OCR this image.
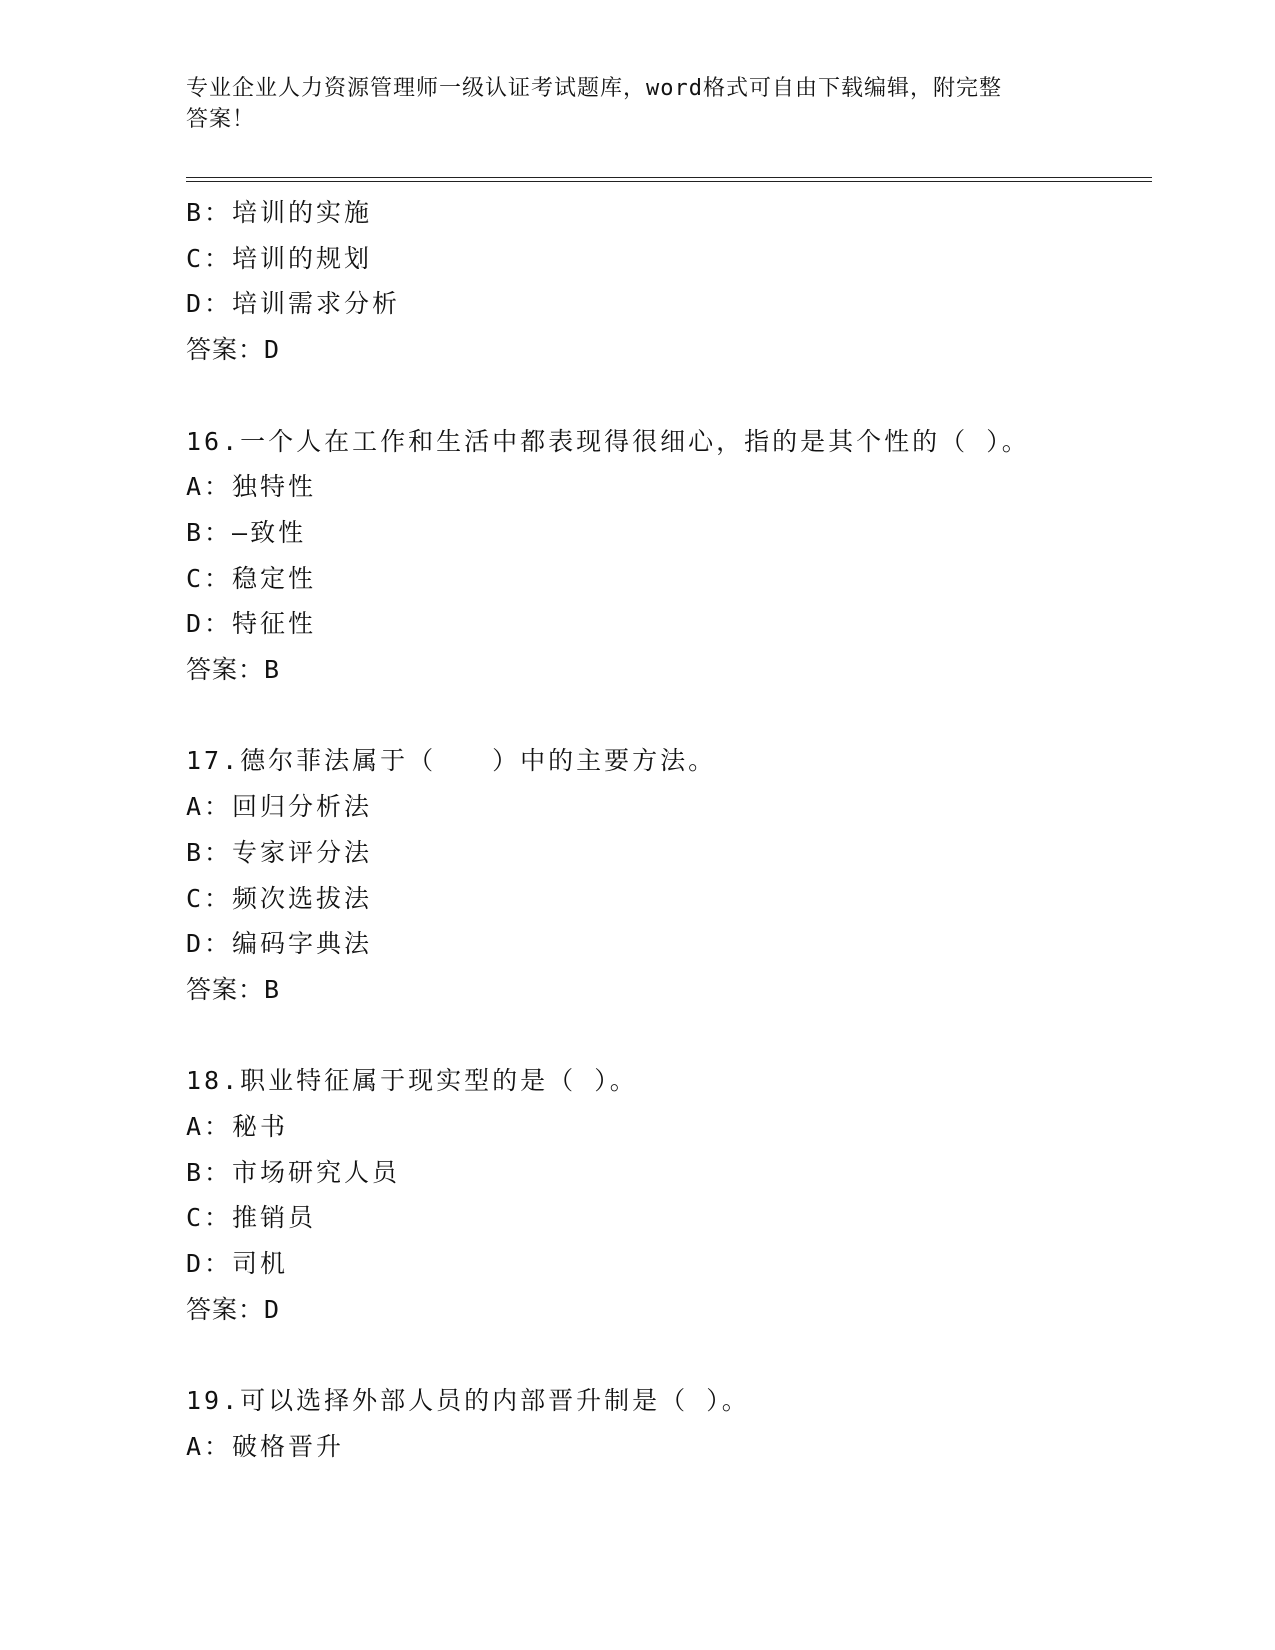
专业企业人力资源管理师一级认证考试题库，word格式可自由下载编辑，附完整
答案！
B：培训的实施
C：培训的规划
D：培训需求分析
答案：D
16.一个人在工作和生活中都表现得很细心，指的是其个性的（ ）。
A：独特性
B：—致性
C：稳定性
D：特征性
答案：B
17.德尔菲法属于（　　）中的主要方法。
A：回归分析法
B：专家评分法
C：频次选拔法
D：编码字典法
答案：B
18.职业特征属于现实型的是（ ）。
A：秘书
B：市场研究人员
C：推销员
D：司机
答案：D
19.可以选择外部人员的内部晋升制是（ ）。
A：破格晋升
